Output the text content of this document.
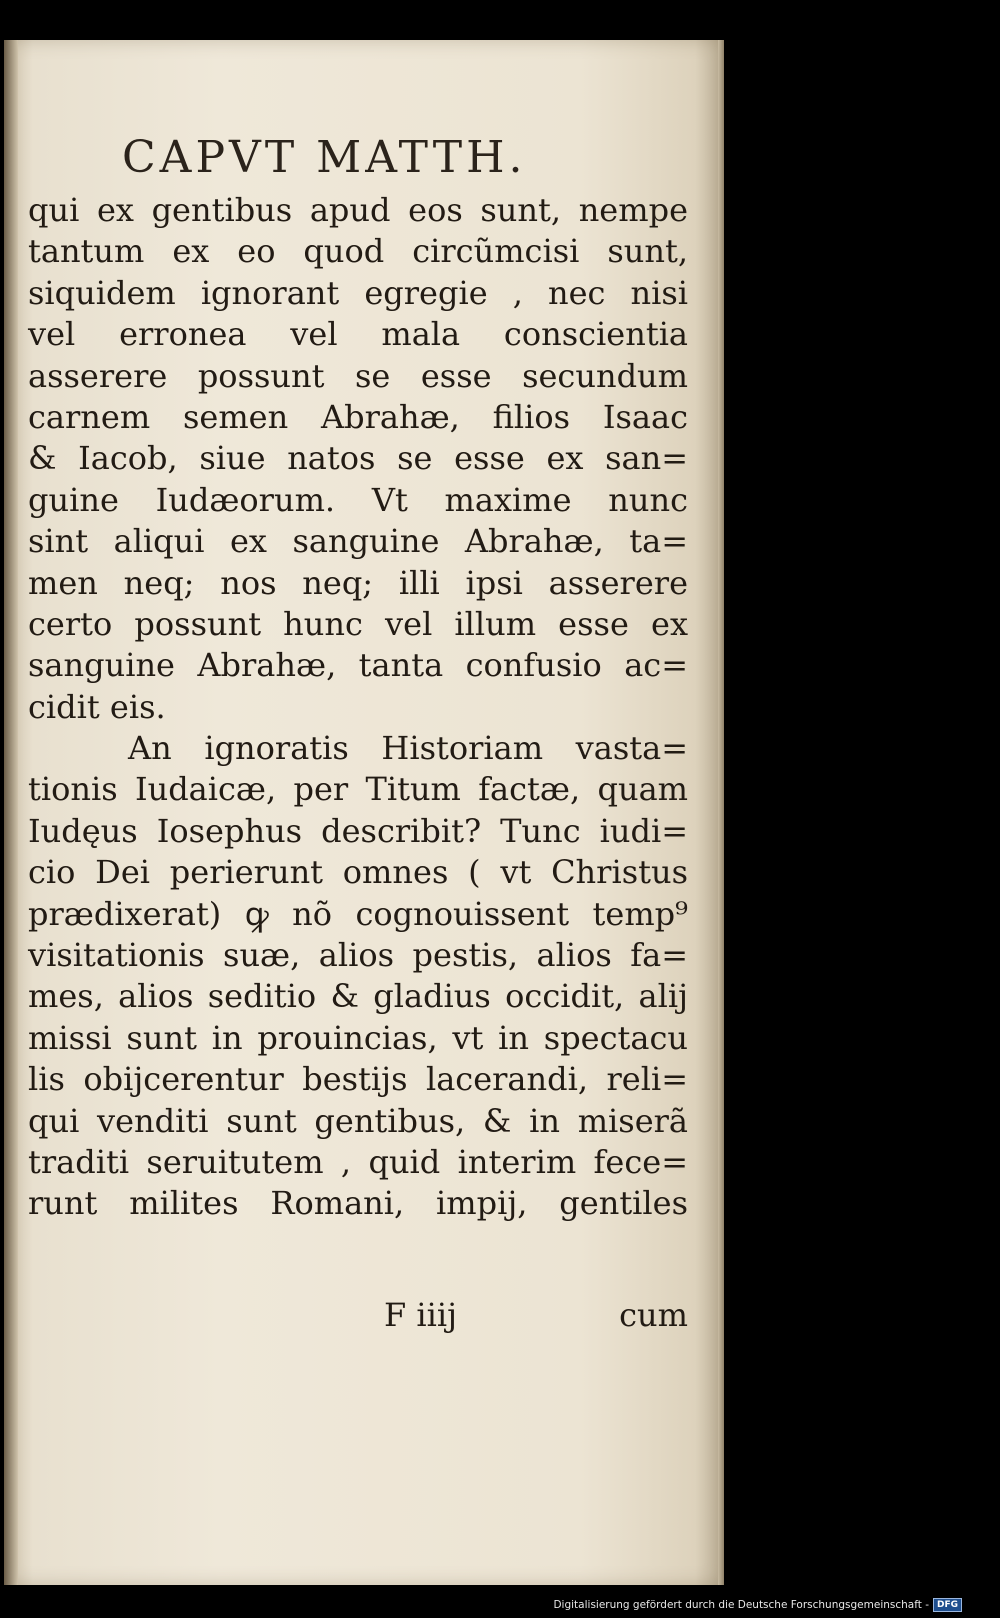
CAPVT MATTH.
qui ex gentibus apud eos sunt, nempe
tantum ex eo quod circũmcisi sunt,
siquidem ignorant egregie , nec nisi
vel erronea vel mala conscientia
asserere possunt se esse secundum
carnem semen Abrahæ, filios Isaac
& Iacob, siue natos se esse ex san=
guine Iudæorum. Vt maxime nunc
sint aliqui ex sanguine Abrahæ, ta=
men neq; nos neq; illi ipsi asserere
certo possunt hunc vel illum esse ex
sanguine Abrahæ, tanta confusio ac=
cidit eis.
An ignoratis Historiam vasta=
tionis Iudaicæ, per Titum factæ, quam
Iudęus Iosephus describit? Tunc iudi=
cio Dei perierunt omnes ( vt Christus
prædixerat) ꝙ nõ cognouissent temp⁹
visitationis suæ, alios pestis, alios fa=
mes, alios seditio & gladius occidit, alij
missi sunt in prouincias, vt in spectacu
lis obijcerentur bestijs lacerandi, reli=
qui venditi sunt gentibus, & in miserã
traditi seruitutem , quid interim fece=
runt milites Romani, impij, gentiles
F iiij	cum
Digitalisierung gefördert durch die Deutsche Forschungsgemeinschaft - DFG
